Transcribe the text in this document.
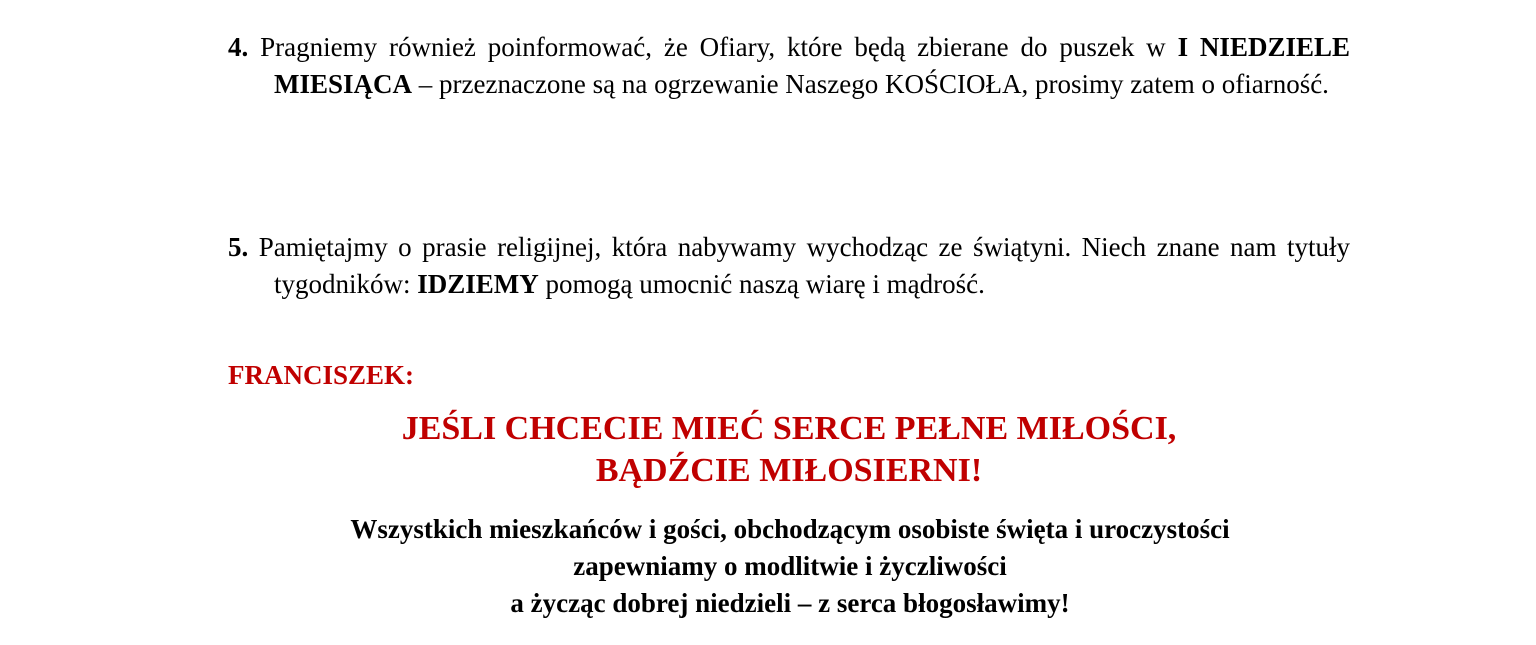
4. Pragniemy również poinformować, że Ofiary, które będą zbierane do puszek w I NIEDZIELE MIESIĄCA – przeznaczone są na ogrzewanie Naszego KOŚCIOŁA, prosimy zatem o ofiarność.

5. Pamiętajmy o prasie religijnej, która nabywamy wychodząc ze świątyni. Niech znane nam tytuły tygodników: IDZIEMY pomogą umocnić naszą wiarę i mądrość.

FRANCISZEK:
JEŚLI CHCECIE MIEĆ SERCE PEŁNE MIŁOŚCI,
BĄDŹCIE MIŁOSIERNI!
Wszystkich mieszkańców i gości, obchodzącym osobiste święta i uroczystości
zapewniamy o modlitwie i życzliwości
a życząc dobrej niedzieli – z serca błogosławimy!
